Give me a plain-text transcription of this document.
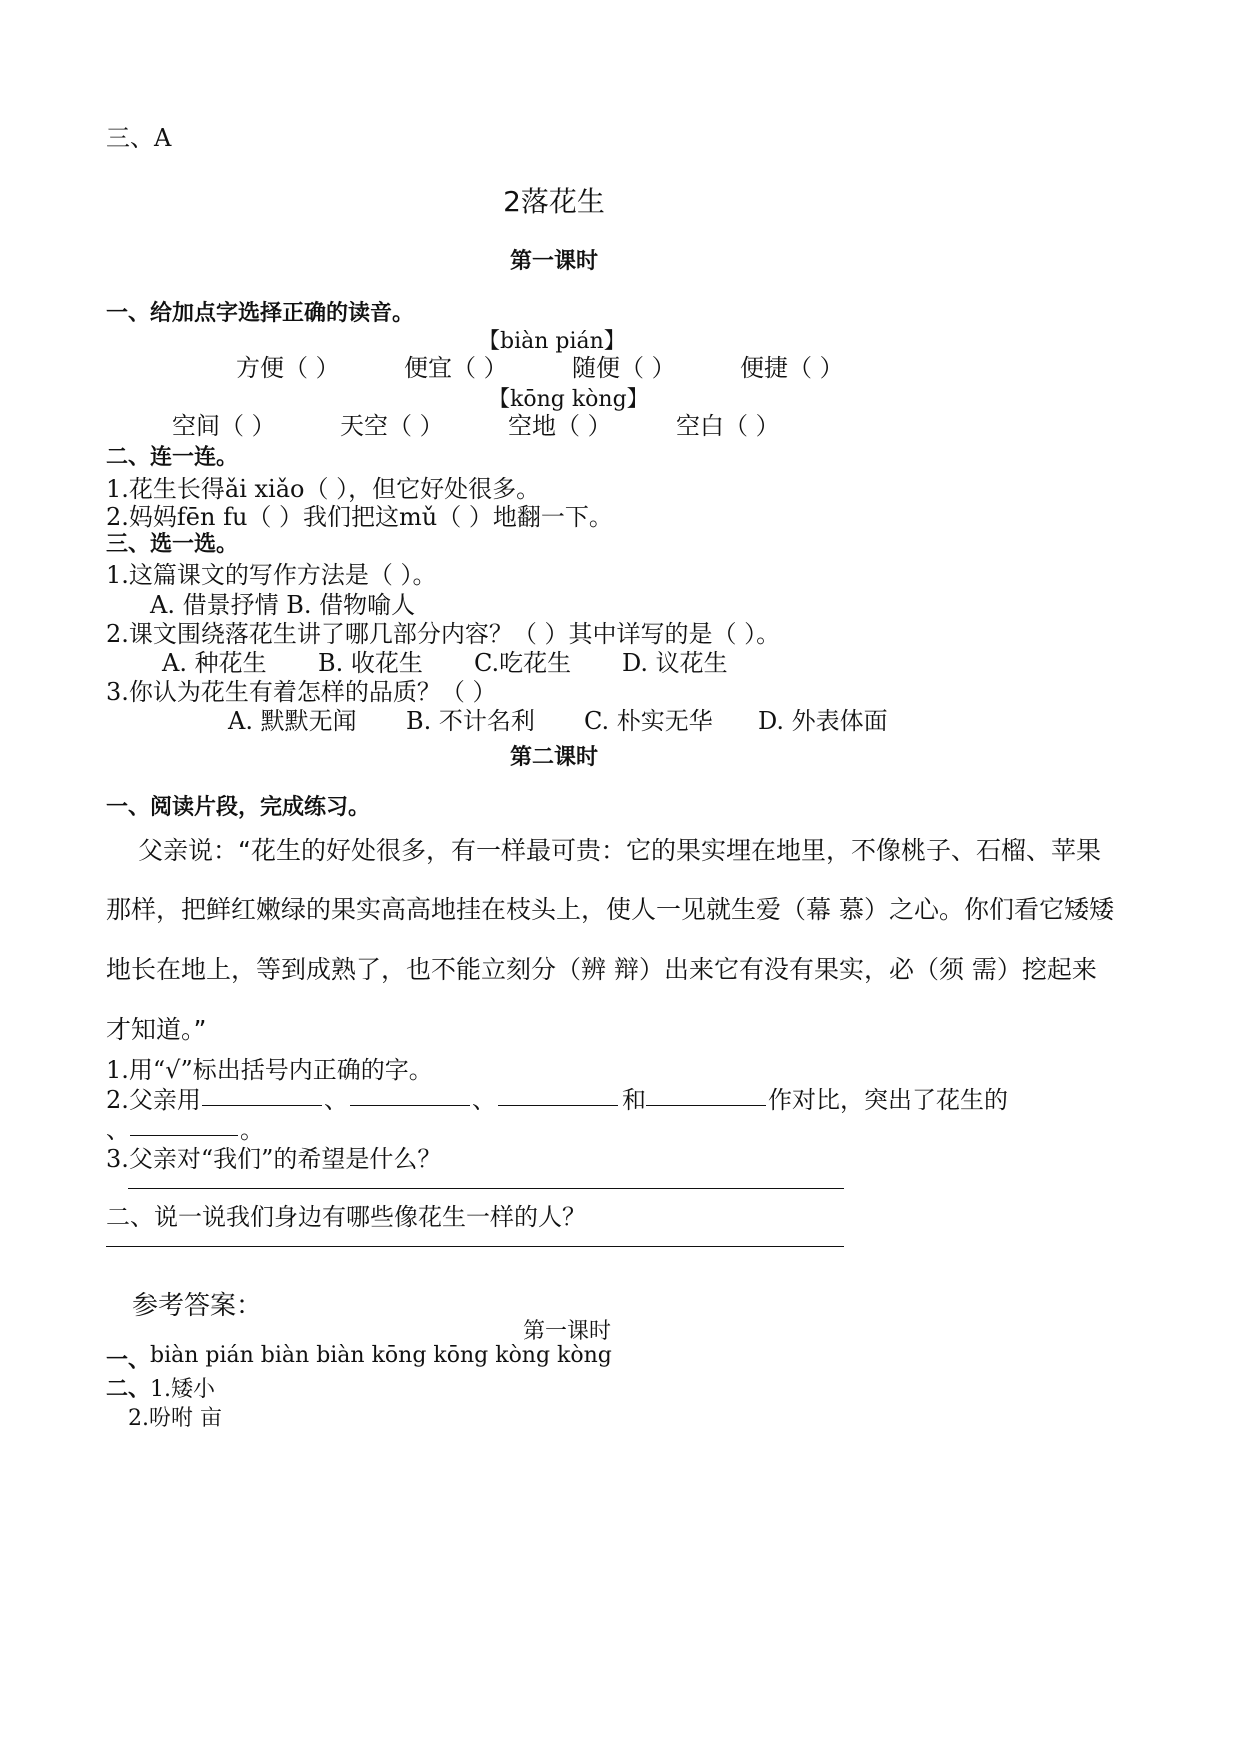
三、A
2落花生
第一课时
一、给加点字选择正确的读音。
【biàn pián】
方便（ ）	便宜（ ）	随便（ ）	便捷（ ）
【kōng kòng】
空间（ ）	天空（ ）	空地（ ）	空白（ ）
二、连一连。
1.花生长得ǎi xiǎo（ ），但它好处很多。
2.妈妈fēn fu（ ）我们把这mǔ（ ）地翻一下。
三、选一选。
1.这篇课文的写作方法是（ ）。
A. 借景抒情 B. 借物喻人
2.课文围绕落花生讲了哪几部分内容？（ ）其中详写的是（ ）。
A. 种花生 B. 收花生 C.吃花生 D. 议花生
3.你认为花生有着怎样的品质？（ ）
A. 默默无闻 B. 不计名利 C. 朴实无华 D. 外表体面
第二课时
一、阅读片段，完成练习。
父亲说：“花生的好处很多，有一样最可贵：它的果实埋在地里，不像桃子、石榴、苹果
那样，把鲜红嫩绿的果实高高地挂在枝头上，使人一见就生爱（幕 慕）之心。你们看它矮矮
地长在地上，等到成熟了，也不能立刻分（辨 辩）出来它有没有果实，必（须 需）挖起来
才知道。”
1.用“√”标出括号内正确的字。
2.父亲用	、	、	和	作对比，突出了花生的
、	。
3.父亲对“我们”的希望是什么？
二、说一说我们身边有哪些像花生一样的人？
参考答案：
第一课时
一、 biàn pián biàn biàn kōng kōng kòng kòng
二、 1.矮小
2.吩咐 亩
